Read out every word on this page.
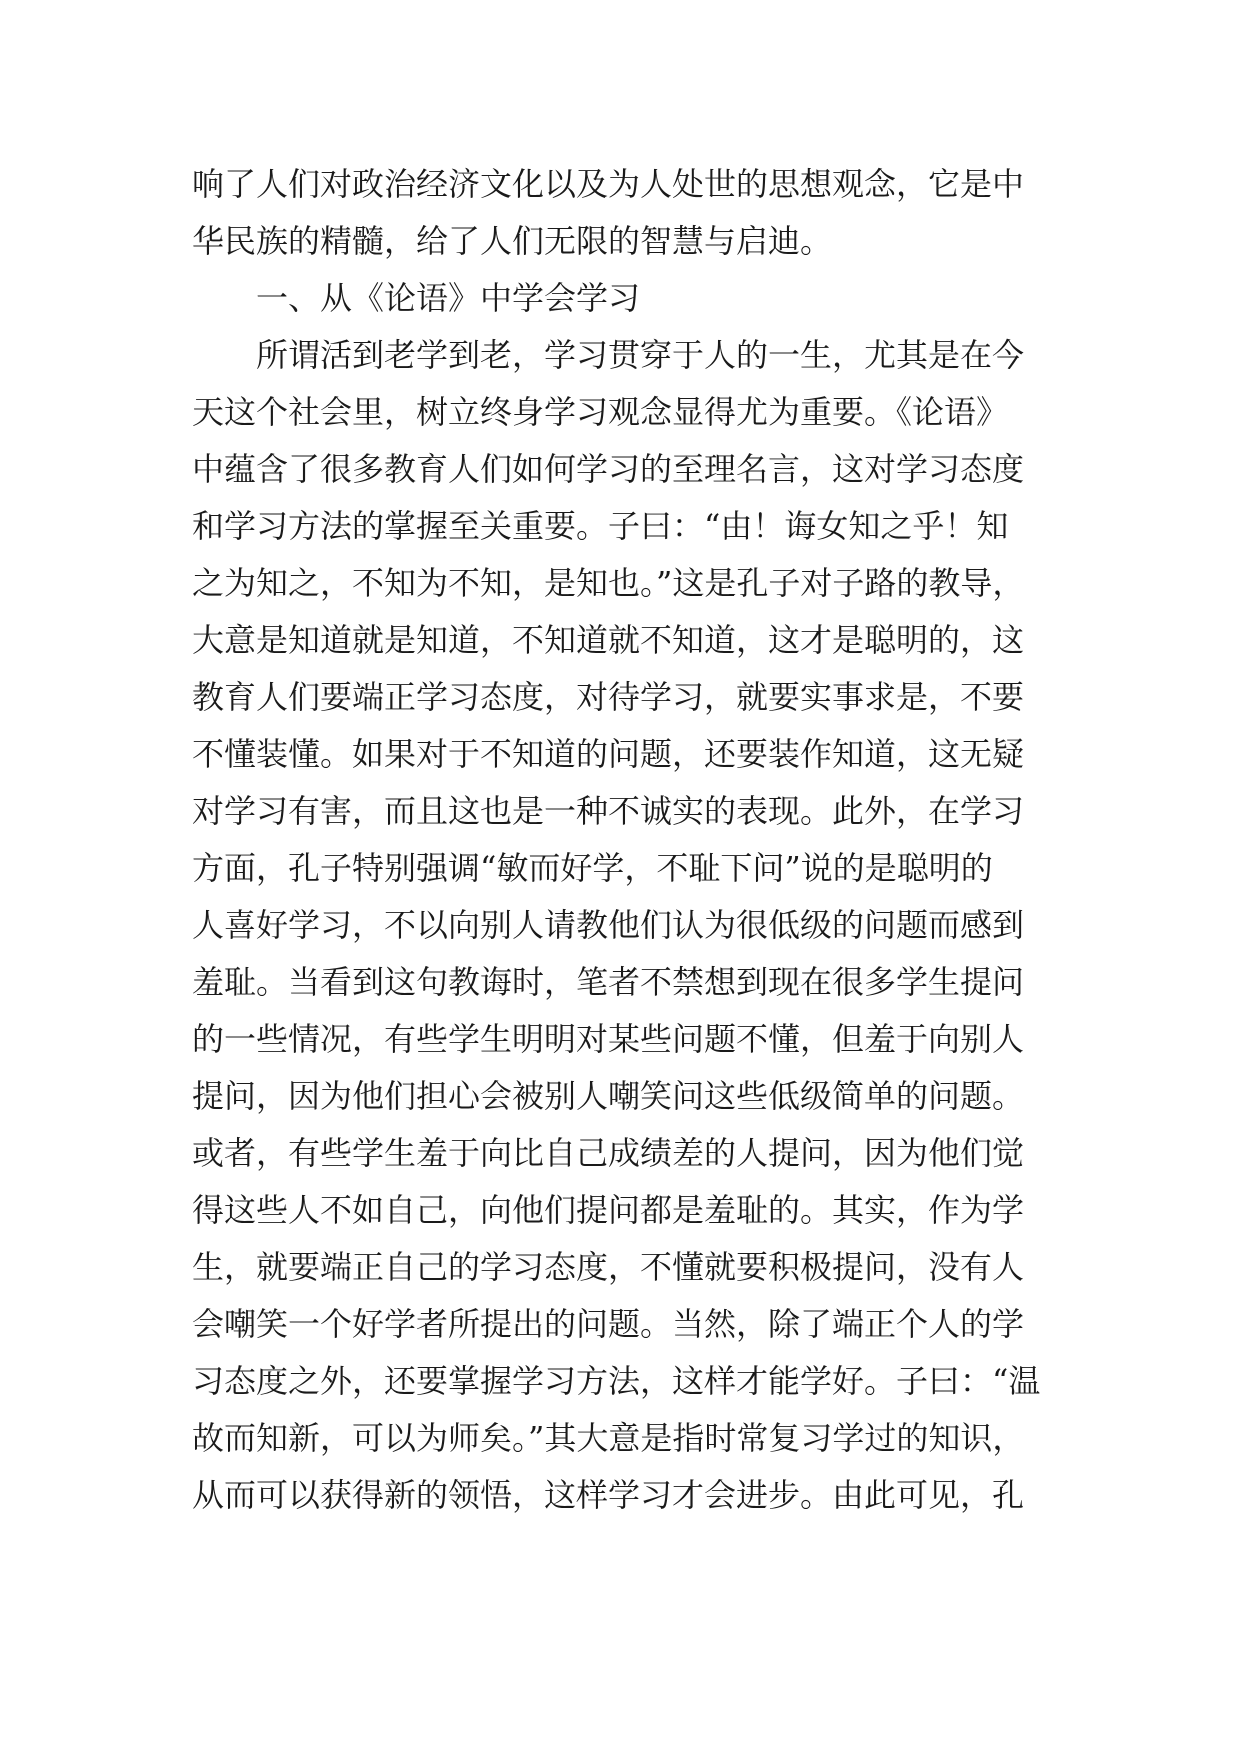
响了人们对政治经济文化以及为人处世的思想观念，它是中
华民族的精髓，给了人们无限的智慧与启迪。
一、从《论语》中学会学习
所谓活到老学到老，学习贯穿于人的一生，尤其是在今
天这个社会里，树立终身学习观念显得尤为重要。《论语》
中蕴含了很多教育人们如何学习的至理名言，这对学习态度
和学习方法的掌握至关重要。子曰：“由！诲女知之乎！知
之为知之，不知为不知，是知也。”这是孔子对子路的教导，
大意是知道就是知道，不知道就不知道，这才是聪明的，这
教育人们要端正学习态度，对待学习，就要实事求是，不要
不懂装懂。如果对于不知道的问题，还要装作知道，这无疑
对学习有害，而且这也是一种不诚实的表现。此外，在学习
方面，孔子特别强调“敏而好学，不耻下问”说的是聪明的
人喜好学习，不以向别人请教他们认为很低级的问题而感到
羞耻。当看到这句教诲时，笔者不禁想到现在很多学生提问
的一些情况，有些学生明明对某些问题不懂，但羞于向别人
提问，因为他们担心会被别人嘲笑问这些低级简单的问题。
或者，有些学生羞于向比自己成绩差的人提问，因为他们觉
得这些人不如自己，向他们提问都是羞耻的。其实，作为学
生，就要端正自己的学习态度，不懂就要积极提问，没有人
会嘲笑一个好学者所提出的问题。当然，除了端正个人的学
习态度之外，还要掌握学习方法，这样才能学好。子曰：“温
故而知新，可以为师矣。”其大意是指时常复习学过的知识，
从而可以获得新的领悟，这样学习才会进步。由此可见，孔
